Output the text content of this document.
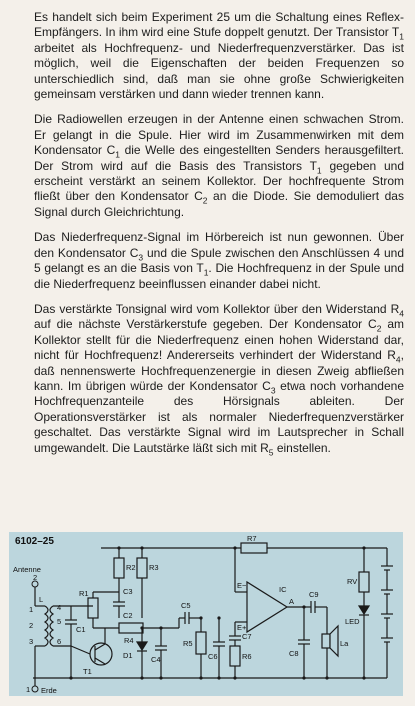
Es handelt sich beim Experiment 25 um die Schaltung eines Reflex-Empfängers. In ihm wird eine Stufe doppelt genutzt. Der Transistor $T_1$ arbeitet als Hochfrequenz- und Niederfrequenzverstärker. Das ist möglich, weil die Eigenschaften der beiden Frequenzen so unterschiedlich sind, daß man sie ohne große Schwierigkeiten gemeinsam verstärken und dann wieder trennen kann.

Die Radiowellen erzeugen in der Antenne einen schwachen Strom. Er gelangt in die Spule. Hier wird im Zusammenwirken mit dem Kondensator $C_1$ die Welle des eingestellten Senders herausgefiltert. Der Strom wird auf die Basis des Transistors $T_1$ gegeben und erscheint verstärkt an seinem Kollektor. Der hochfrequente Strom fließt über den Kondensator $C_2$ an die Diode. Sie demoduliert das Signal durch Gleichrichtung.

Das Niederfrequenz-Signal im Hörbereich ist nun gewonnen. Über den Kondensator $C_3$ und die Spule zwischen den Anschlüssen 4 und 5 gelangt es an die Basis von $T_1$. Die Hochfrequenz in der Spule und die Niederfrequenz beeinflussen einander dabei nicht.

Das verstärkte Tonsignal wird vom Kollektor über den Widerstand $R_4$ auf die nächste Verstärkerstufe gegeben. Der Kondensator $C_2$ am Kollektor stellt für die Niederfrequenz einen hohen Widerstand dar, nicht für Hochfrequenz! Andererseits verhindert der Widerstand $R_4$, daß nennenswerte Hochfrequenzenergie in diesen Zweig abfließen kann. Im übrigen würde der Kondensator $C_3$ etwa noch vorhandene Hochfrequenzanteile des Hörsignals ableiten. Der Operationsverstärker ist als normaler Niederfrequenzverstärker geschaltet. Das verstärkte Signal wird im Lautsprecher in Schall umgewandelt. Die Lautstärke läßt sich mit $R_5$ einstellen.

6102–25
Antenne
2
1 Erde
L
1
2
3
4
5
6
C1
R1
R2 R3
C3
C2
R4
T1
D1 C4
C5
R5
C6
IC
E−
E+
A
C7
R6
R7
C8
C9
La
RV
LED
